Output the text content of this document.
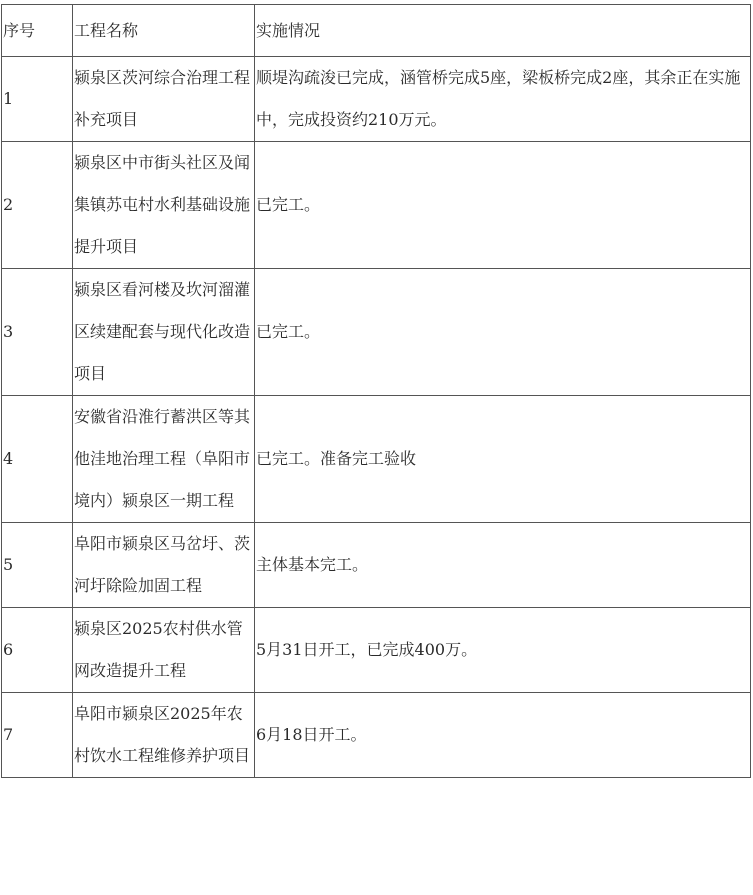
序号	工程名称	实施情况
1	颍泉区茨河综合治理工程补充项目	顺堤沟疏浚已完成，涵管桥完成5座，梁板桥完成2座，其余正在实施中，完成投资约210万元。
2	颍泉区中市街头社区及闻集镇苏屯村水利基础设施提升项目	已完工。
3	颍泉区看河楼及坎河溜灌区续建配套与现代化改造项目	已完工。
4	安徽省沿淮行蓄洪区等其他洼地治理工程（阜阳市境内）颍泉区一期工程	已完工。准备完工验收
5	阜阳市颍泉区马岔圩、茨河圩除险加固工程	主体基本完工。
6	颍泉区2025农村供水管网改造提升工程	5月31日开工，已完成400万。
7	阜阳市颍泉区2025年农村饮水工程维修养护项目	6月18日开工。
